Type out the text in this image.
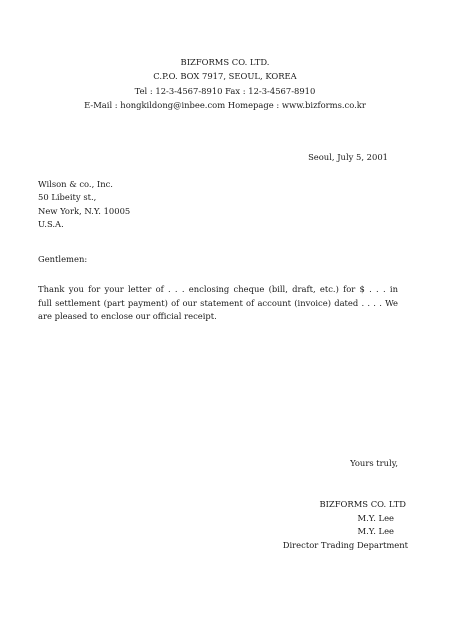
BIZFORMS CO. LTD.
C.P.O. BOX 7917, SEOUL, KOREA
Tel : 12-3-4567-8910 Fax : 12-3-4567-8910
E-Mail : hongkildong@inbee.com Homepage : www.bizforms.co.kr
Seoul, July 5, 2001
Wilson & co., Inc.
50 Libeity st.,
New York, N.Y. 10005
U.S.A.
Gentlemen:
Thank you for your letter of . . . enclosing cheque (bill, draft, etc.) for $ . . . in
full settlement (part payment) of our statement of account (invoice) dated . . . . We
are pleased to enclose our official receipt.
Yours truly,
BIZFORMS CO. LTD
M.Y. Lee
M.Y. Lee
Director Trading Department
